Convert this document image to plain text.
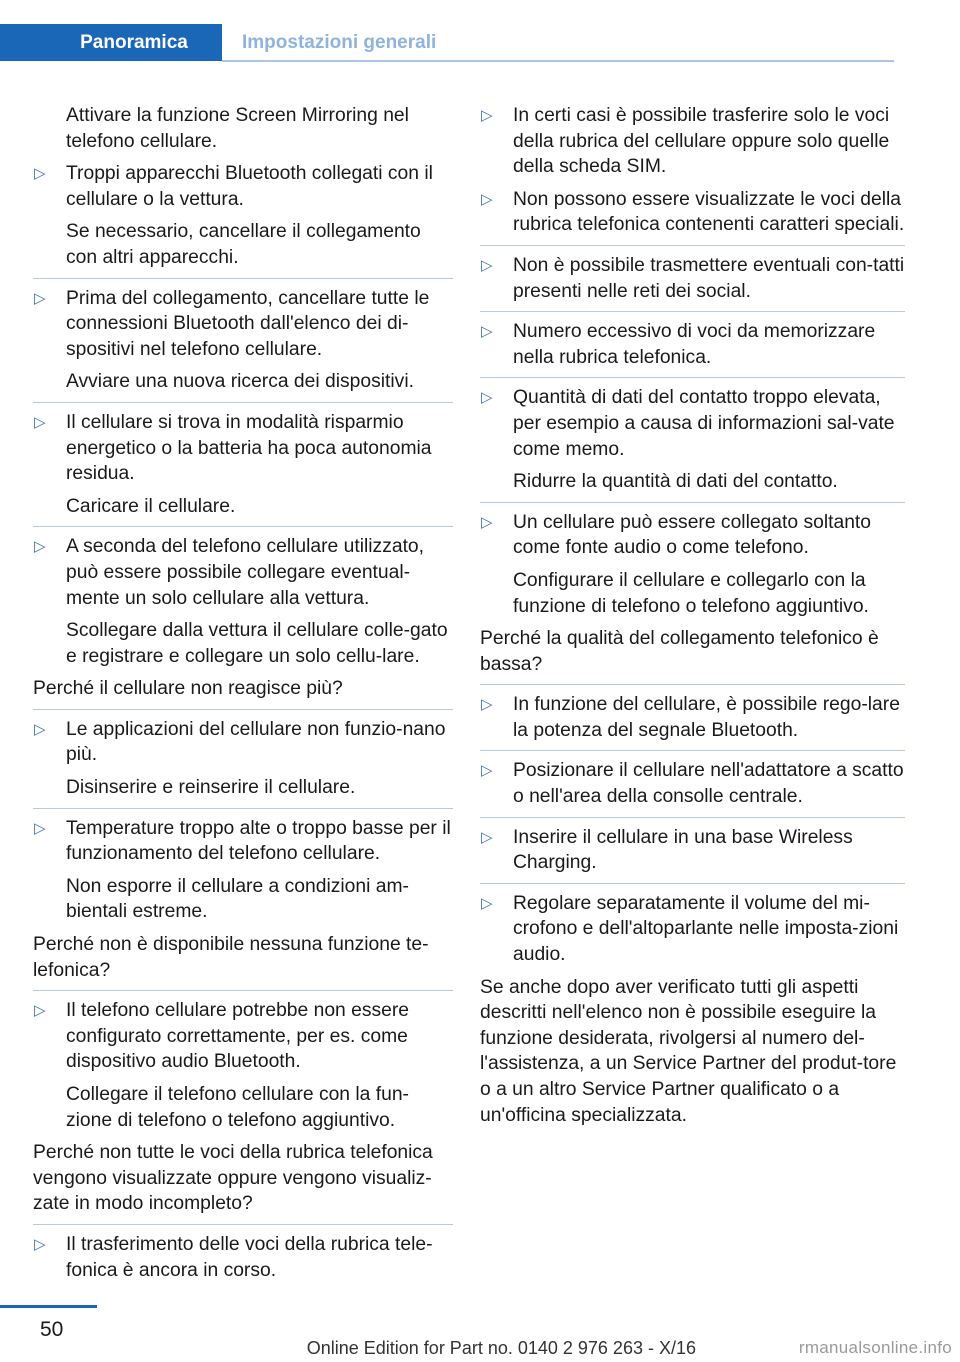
Panoramica	Impostazioni generali
Attivare la funzione Screen Mirroring nel telefono cellulare.
▷ Troppi apparecchi Bluetooth collegati con il cellulare o la vettura.
Se necessario, cancellare il collegamento con altri apparecchi.
▷ Prima del collegamento, cancellare tutte le connessioni Bluetooth dall'elenco dei di‐spositivi nel telefono cellulare.
Avviare una nuova ricerca dei dispositivi.
▷ Il cellulare si trova in modalità risparmio energetico o la batteria ha poca autonomia residua.
Caricare il cellulare.
▷ A seconda del telefono cellulare utilizzato, può essere possibile collegare eventual‐mente un solo cellulare alla vettura.
Scollegare dalla vettura il cellulare colle‐gato e registrare e collegare un solo cellu‐lare.
Perché il cellulare non reagisce più?
▷ Le applicazioni del cellulare non funzio‐nano più.
Disinserire e reinserire il cellulare.
▷ Temperature troppo alte o troppo basse per il funzionamento del telefono cellulare.
Non esporre il cellulare a condizioni am‐bientali estreme.
Perché non è disponibile nessuna funzione te‐lefonica?
▷ Il telefono cellulare potrebbe non essere configurato correttamente, per es. come dispositivo audio Bluetooth.
Collegare il telefono cellulare con la fun‐zione di telefono o telefono aggiuntivo.
Perché non tutte le voci della rubrica telefonica vengono visualizzate oppure vengono visualiz‐zate in modo incompleto?
▷ Il trasferimento delle voci della rubrica tele‐fonica è ancora in corso.
▷ In certi casi è possibile trasferire solo le voci della rubrica del cellulare oppure solo quelle della scheda SIM.
▷ Non possono essere visualizzate le voci della rubrica telefonica contenenti caratteri speciali.
▷ Non è possibile trasmettere eventuali con‐tatti presenti nelle reti dei social.
▷ Numero eccessivo di voci da memorizzare nella rubrica telefonica.
▷ Quantità di dati del contatto troppo elevata, per esempio a causa di informazioni sal‐vate come memo.
Ridurre la quantità di dati del contatto.
▷ Un cellulare può essere collegato soltanto come fonte audio o come telefono.
Configurare il cellulare e collegarlo con la funzione di telefono o telefono aggiuntivo.
Perché la qualità del collegamento telefonico è bassa?
▷ In funzione del cellulare, è possibile rego‐lare la potenza del segnale Bluetooth.
▷ Posizionare il cellulare nell'adattatore a scatto o nell'area della consolle centrale.
▷ Inserire il cellulare in una base Wireless Charging.
▷ Regolare separatamente il volume del mi‐crofono e dell'altoparlante nelle imposta‐zioni audio.
Se anche dopo aver verificato tutti gli aspetti descritti nell'elenco non è possibile eseguire la funzione desiderata, rivolgersi al numero del‐l'assistenza, a un Service Partner del produt‐tore o a un altro Service Partner qualificato o a un'officina specializzata.
50
Online Edition for Part no. 0140 2 976 263 - X/16	rmanualsonline.info
